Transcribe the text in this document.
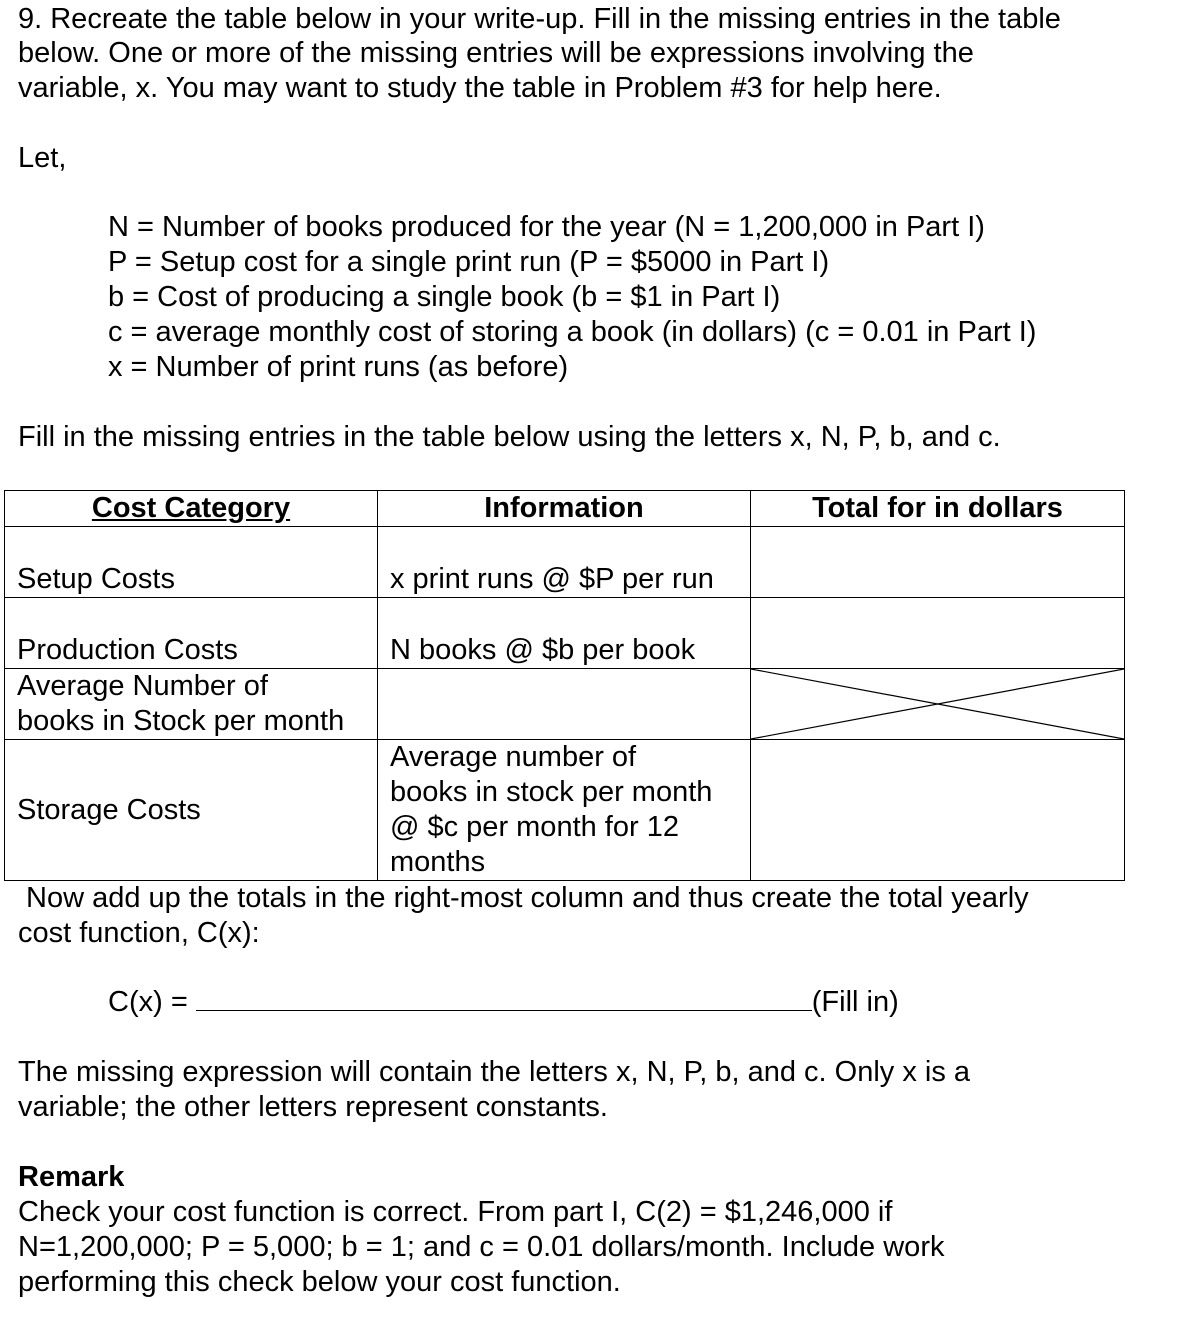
9. Recreate the table below in your write-up. Fill in the missing entries in the table
below. One or more of the missing entries will be expressions involving the
variable, x. You may want to study the table in Problem #3 for help here.
Let,
N = Number of books produced for the year (N = 1,200,000 in Part I)
P = Setup cost for a single print run (P = $5000 in Part I)
b = Cost of producing a single book (b = $1 in Part I)
c = average monthly cost of storing a book (in dollars) (c = 0.01 in Part I)
x = Number of print runs (as before)
Fill in the missing entries in the table below using the letters x, N, P, b, and c.
Cost Category	Information	Total for in dollars
Setup Costs	x print runs @ $P per run	
Production Costs	N books @ $b per book	

Average Number of
books in Stock per month

Storage Costs	Average number of
books in stock per month
@ $c per month for 12
months	

Now add up the totals in the right-most column and thus create the total yearly
cost function, C(x):
C(x) =	(Fill in)
The missing expression will contain the letters x, N, P, b, and c. Only x is a
variable; the other letters represent constants.
Remark
Check your cost function is correct. From part I, C(2) = $1,246,000 if
N=1,200,000; P = 5,000; b = 1; and c = 0.01 dollars/month. Include work
performing this check below your cost function.
